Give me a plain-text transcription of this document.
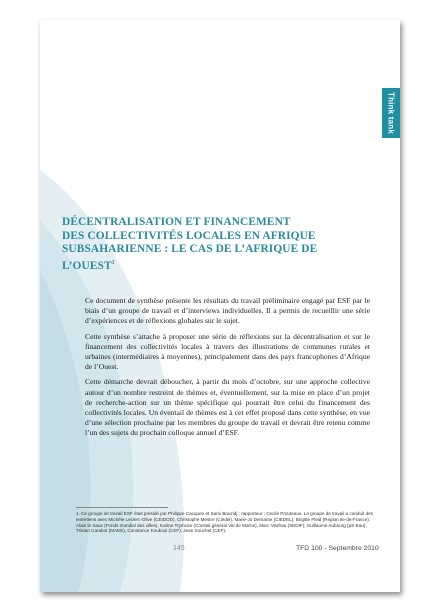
Think tank
DÉCENTRALISATION ET FINANCEMENT
DES COLLECTIVITÉS LOCALES EN AFRIQUE
SUBSAHARIENNE : LE CAS DE L’AFRIQUE DE
L’OUEST$^1$

Ce document de synthèse présente les résultats du travail préliminaire engagé par ESF par le biais d’un groupe de travail et d’interviews individuelles. Il a permis de recueillir une série d’expériences et de réflexions globales sur le sujet.

Cette synthèse s’attache à proposer une série de réflexions sur la décentralisation et sur le financement des collectivités locales à travers des illustrations de communes rurales et urbaines (intermédiaires à moyennes), principalement dans des pays francophones d’Afrique de l’Ouest.

Cette démarche devrait déboucher, à partir du mois d’octobre, sur une approche collective autour d’un nombre restreint de thèmes et, éventuellement, sur la mise en place d’un projet de recherche-action sur un thème spécifique qui pourrait être celui du financement des collectivités locales. Un éventail de thèmes est à cet effet proposé dans cette synthèse, en vue d’une sélection prochaine par les membres du groupe de travail et devrait être retenu comme l’un des sujets du prochain colloque annuel d’ESF.

1. Ce groupe de travail ESF était présidé par Philippe Cacquen et Sami Bouzidj ; rapporteur : Cecile Prouteaux. Le groupe de travail a conduit des entretiens avec Michèle Leclerc-Olive (CEIDOD), Christophe Mestre (Ciedel), Marie-Jo Demante (CIEDEL), Brigitte Fleid (Region Ile-de-France), Alain le Saux (Fonds mondial des villes), Karine Trymcan (Conseil général Val de Marne), Marc Vesfrau (SEDIF), Guillaume Aubourg (pS-Eau), Tristan Carabot (MAEE), Constance Koukoui (CEF), Jean Souchet (CEF).
145	TFD 100 - Septembre 2010
